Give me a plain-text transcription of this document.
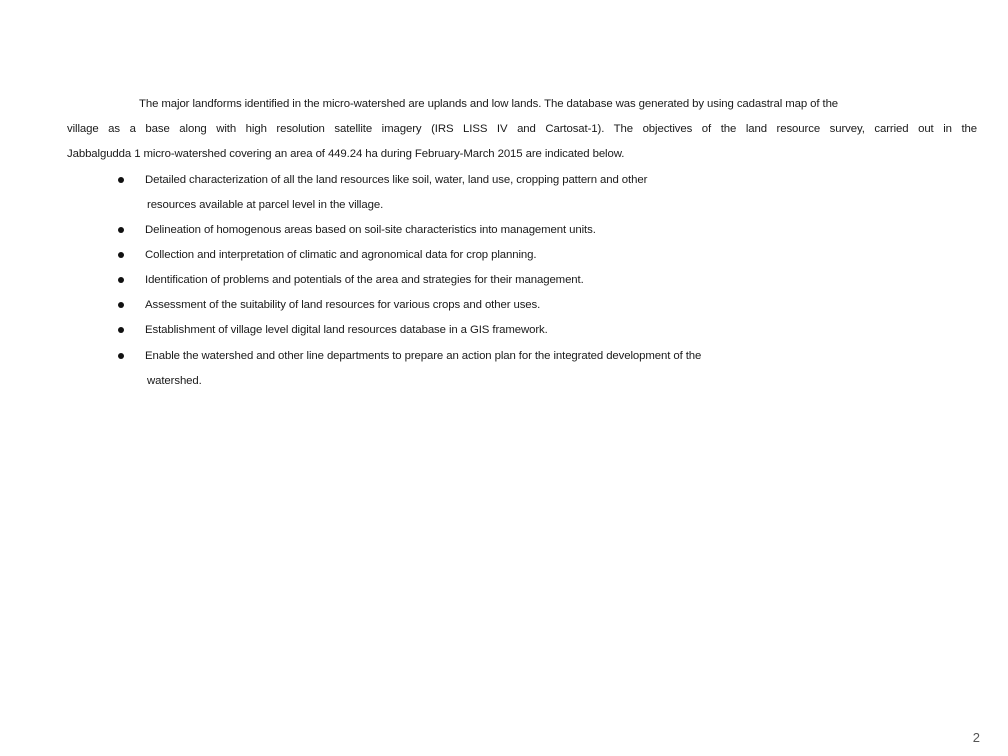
The major landforms identified in the micro-watershed are uplands and low lands. The database was generated by using cadastral map of the
village as a base along with high resolution satellite imagery (IRS LISS IV and Cartosat-1). The objectives of the land resource survey, carried out in the
Jabbalgudda 1 micro-watershed covering an area of 449.24 ha during February-March 2015 are indicated below.
Detailed characterization of all the land resources like soil, water, land use, cropping pattern and other
resources available at parcel level in the village.
Delineation of homogenous areas based on soil-site characteristics into management units.
Collection and interpretation of climatic and agronomical data for crop planning.
Identification of problems and potentials of the area and strategies for their management.
Assessment of the suitability of land resources for various crops and other uses.
Establishment of village level digital land resources database in a GIS framework.
Enable the watershed and other line departments to prepare an action plan for the integrated development of the
watershed.
2
